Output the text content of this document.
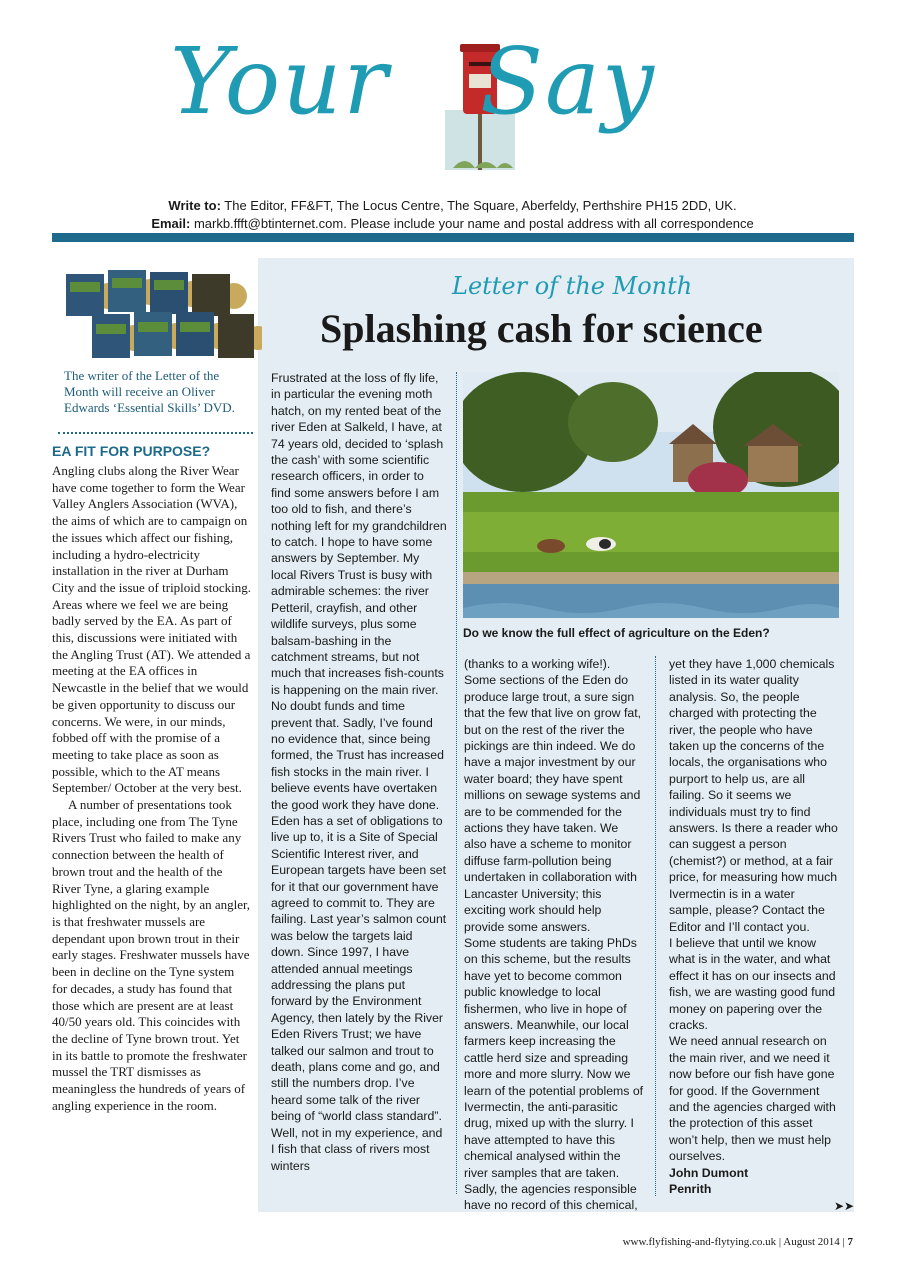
Your Say
Write to: The Editor, FF&FT, The Locus Centre, The Square, Aberfeldy, Perthshire PH15 2DD, UK.
Email: markb.ffft@btinternet.com. Please include your name and postal address with all correspondence
The writer of the Letter of the Month will receive an Oliver Edwards ‘Essential Skills’ DVD.
EA FIT FOR PURPOSE?

Angling clubs along the River Wear have come together to form the Wear Valley Anglers Association (WVA), the aims of which are to campaign on the issues which affect our fishing, including a hydro-electricity installation in the river at Durham City and the issue of triploid stocking. Areas where we feel we are being badly served by the EA. As part of this, discussions were initiated with the Angling Trust (AT). We attended a meeting at the EA offices in Newcastle in the belief that we would be given opportunity to discuss our concerns. We were, in our minds, fobbed off with the promise of a meeting to take place as soon as possible, which to the AT means September/ October at the very best.

A number of presentations took place, including one from The Tyne Rivers Trust who failed to make any connection between the health of brown trout and the health of the River Tyne, a glaring example highlighted on the night, by an angler, is that freshwater mussels are dependant upon brown trout in their early stages. Freshwater mussels have been in decline on the Tyne system for decades, a study has found that those which are present are at least 40/50 years old. This coincides with the decline of Tyne brown trout. Yet in its battle to promote the freshwater mussel the TRT dismisses as meaningless the hundreds of years of angling experience in the room.

Letter of the Month
Splashing cash for science

Frustrated at the loss of fly life, in particular the evening moth hatch, on my rented beat of the river Eden at Salkeld, I have, at 74 years old, decided to ‘splash the cash’ with some scientific research officers, in order to find some answers before I am too old to fish, and there’s nothing left for my grandchildren to catch. I hope to have some answers by September. My local Rivers Trust is busy with admirable schemes: the river Petteril, crayfish, and other wildlife surveys, plus some balsam-bashing in the catchment streams, but not much that increases fish-counts is happening on the main river. No doubt funds and time prevent that. Sadly, I’ve found no evidence that, since being formed, the Trust has increased fish stocks in the main river. I believe events have overtaken the good work they have done. Eden has a set of obligations to live up to, it is a Site of Special Scientific Interest river, and European targets have been set for it that our government have agreed to commit to. They are failing. Last year’s salmon count was below the targets laid down. Since 1997, I have attended annual meetings addressing the plans put forward by the Environment Agency, then lately by the River Eden Rivers Trust; we have talked our salmon and trout to death, plans come and go, and still the numbers drop. I’ve heard some talk of the river being of “world class standard”. Well, not in my experience, and I fish that class of rivers most winters

Do we know the full effect of agriculture on the Eden?

(thanks to a working wife!). Some sections of the Eden do produce large trout, a sure sign that the few that live on grow fat, but on the rest of the river the pickings are thin indeed. We do have a major investment by our water board; they have spent millions on sewage systems and are to be commended for the actions they have taken. We also have a scheme to monitor diffuse farm-pollution being undertaken in collaboration with Lancaster University; this exciting work should help provide some answers.

Some students are taking PhDs on this scheme, but the results have yet to become common public knowledge to local fishermen, who live in hope of answers. Meanwhile, our local farmers keep increasing the cattle herd size and spreading more and more slurry. Now we learn of the potential problems of Ivermectin, the anti-parasitic drug, mixed up with the slurry. I have attempted to have this chemical analysed within the river samples that are taken. Sadly, the agencies responsible have no record of this chemical,

yet they have 1,000 chemicals listed in its water quality analysis. So, the people charged with protecting the river, the people who have taken up the concerns of the locals, the organisations who purport to help us, are all failing. So it seems we individuals must try to find answers. Is there a reader who can suggest a person (chemist?) or method, at a fair price, for measuring how much Ivermectin is in a water sample, please? Contact the Editor and I’ll contact you.

I believe that until we know what is in the water, and what effect it has on our insects and fish, we are wasting good fund money on papering over the cracks.

We need annual research on the main river, and we need it now before our fish have gone for good. If the Government and the agencies charged with the protection of this asset won’t help, then we must help ourselves.

John Dumont

Penrith

➤➤
www.flyfishing-and-flytying.co.uk | August 2014 | 7
